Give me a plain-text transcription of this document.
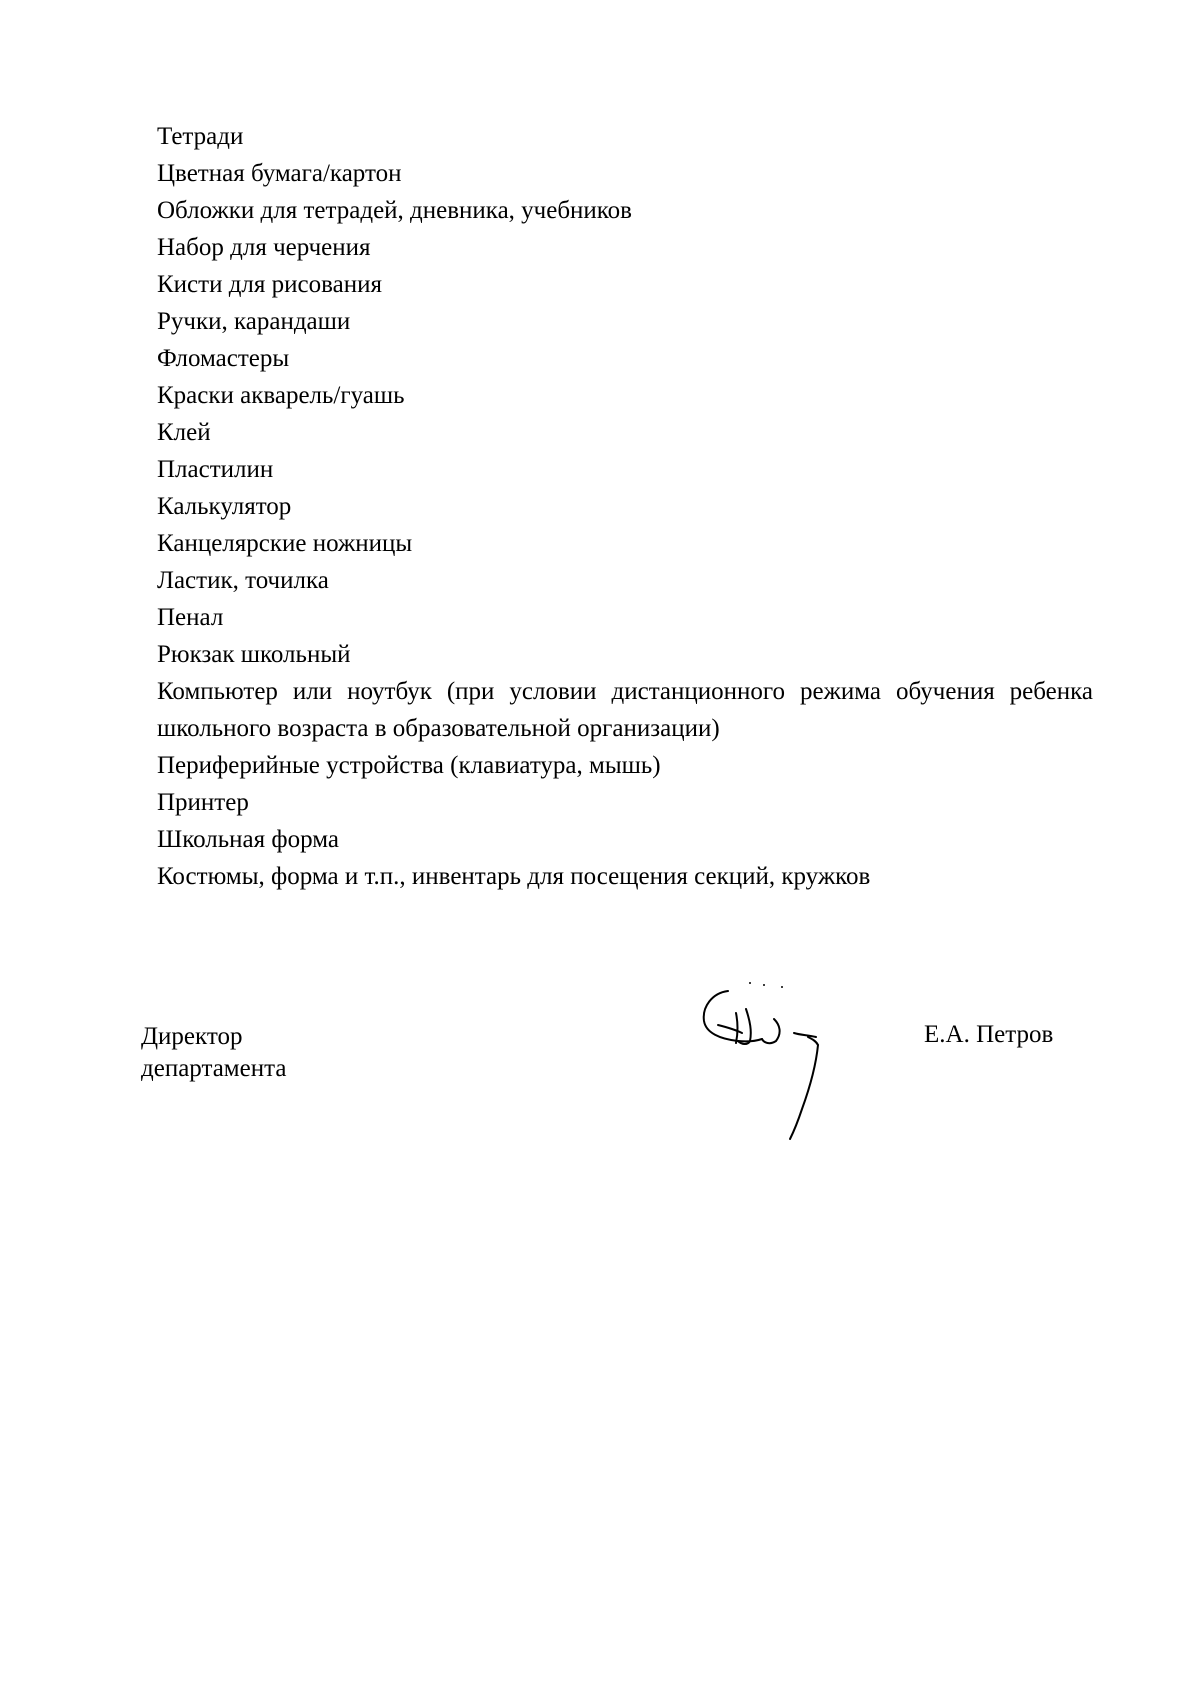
Тетради
Цветная бумага/картон
Обложки для тетрадей, дневника, учебников
Набор для черчения
Кисти для рисования
Ручки, карандаши
Фломастеры
Краски акварель/гуашь
Клей
Пластилин
Калькулятор
Канцелярские ножницы
Ластик, точилка
Пенал
Рюкзак школьный
Компьютер или ноутбук (при условии дистанционного режима обучения ребенка школьного возраста в образовательной организации)
Периферийные устройства (клавиатура, мышь)
Принтер
Школьная форма
Костюмы, форма и т.п., инвентарь для посещения секций, кружков
Директор
департамента
Е.А. Петров
